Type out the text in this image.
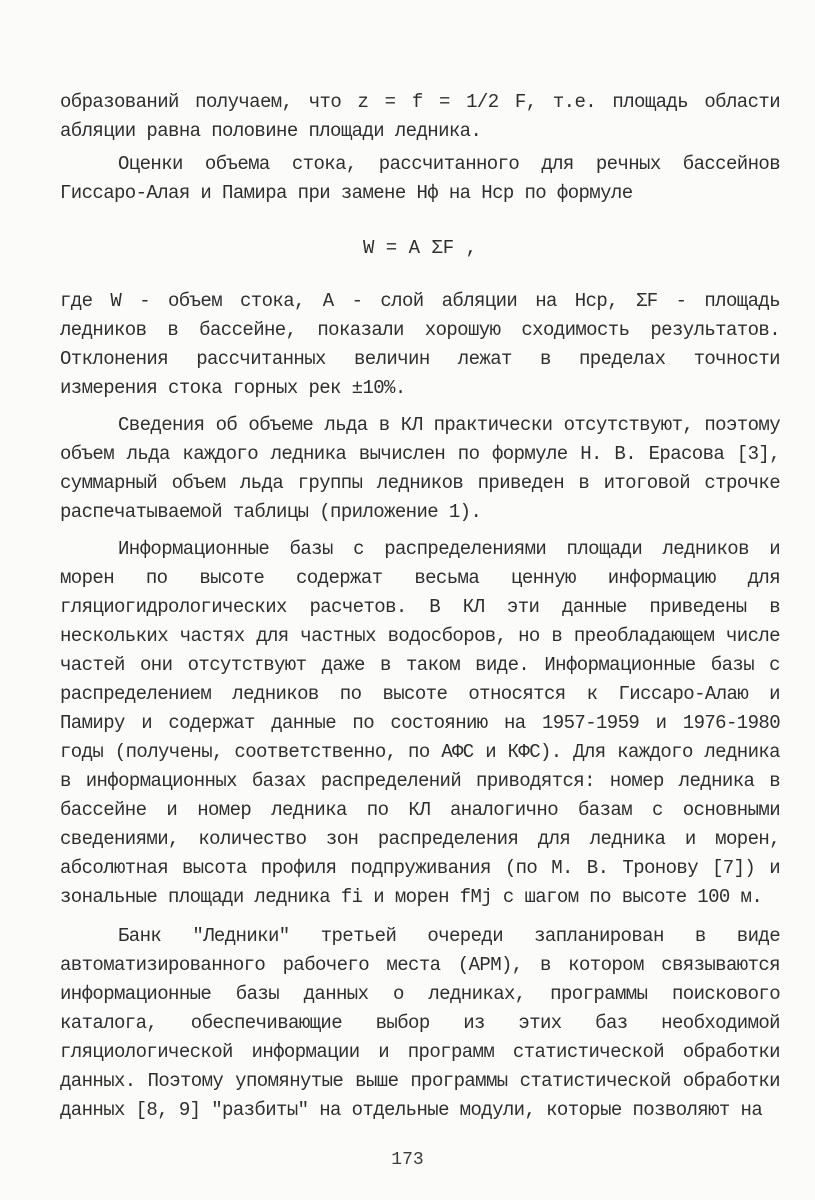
образований получаем, что z = f = 1/2 F, т.е. площадь области абляции равна половине площади ледника.

Оценки объема стока, рассчитанного для речных бассейнов Гиссаро-Алая и Памира при замене Hф на Hср по формуле

W = A ΣF ,

где W - объем стока, А - слой абляции на Hср, ΣF - площадь ледников в бассейне, показали хорошую сходимость результатов. Отклонения рассчитанных величин лежат в пределах точности измерения стока горных рек ±10%.

Сведения об объеме льда в КЛ практически отсутствуют, поэтому объем льда каждого ледника вычислен по формуле Н. В. Ерасова [3], суммарный объем льда группы ледников приведен в итоговой строчке распечатываемой таблицы (приложение 1).

Информационные базы с распределениями площади ледников и морен по высоте содержат весьма ценную информацию для гляциогидрологических расчетов. В КЛ эти данные приведены в нескольких частях для частных водосборов, но в преобладающем числе частей они отсутствуют даже в таком виде. Информационные базы с распределением ледников по высоте относятся к Гиссаро-Алаю и Памиру и содержат данные по состоянию на 1957-1959 и 1976-1980 годы (получены, соответственно, по АФС и КФС). Для каждого ледника в информационных базах распределений приводятся: номер ледника в бассейне и номер ледника по КЛ аналогично базам с основными сведениями, количество зон распределения для ледника и морен, абсолютная высота профиля подпруживания (по М. В. Тронову [7]) и зональные площади ледника fi и морен fMj с шагом по высоте 100 м.

Банк "Ледники" третьей очереди запланирован в виде автоматизированного рабочего места (АРМ), в котором связываются информационные базы данных о ледниках, программы поискового каталога, обеспечивающие выбор из этих баз необходимой гляциологической информации и программ статистической обработки данных. Поэтому упомянутые выше программы статистической обработки данных [8, 9] "разбиты" на отдельные модули, которые позволяют на

173
